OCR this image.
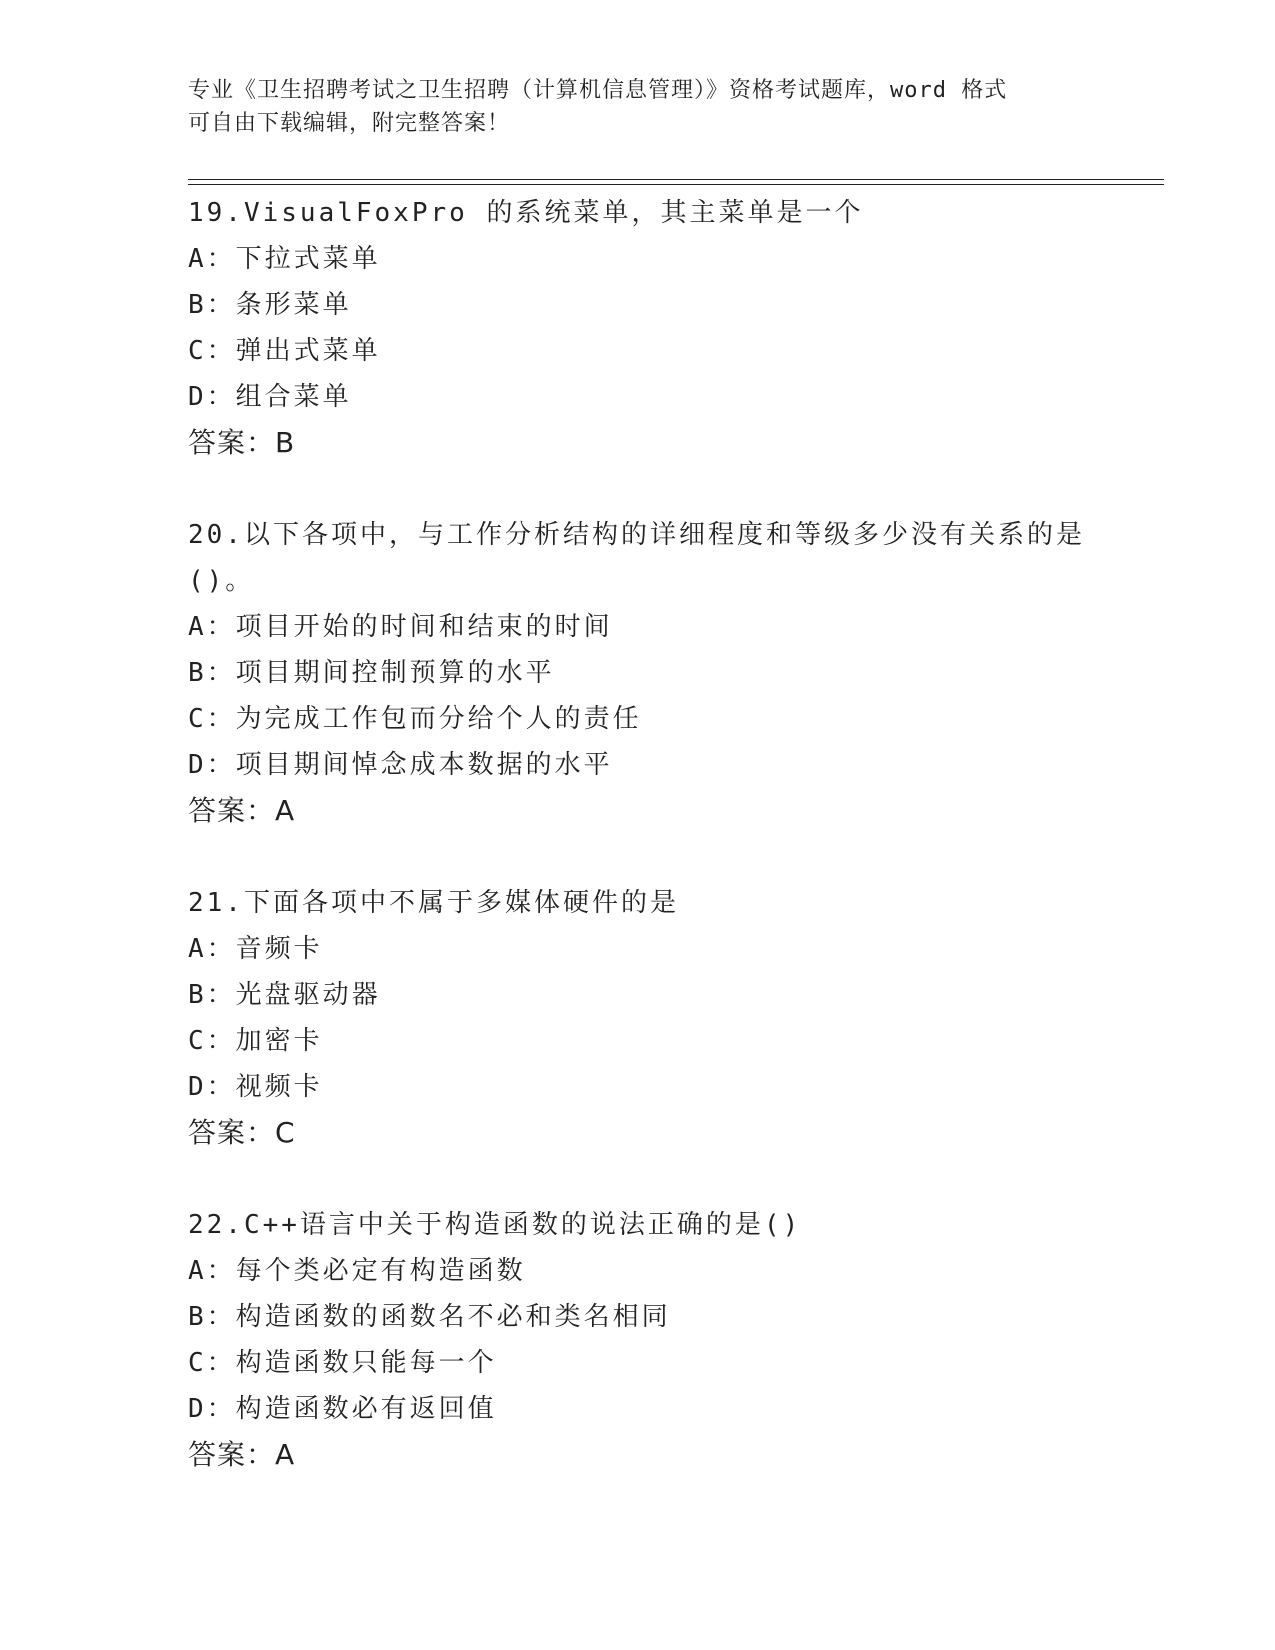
专业《卫生招聘考试之卫生招聘（计算机信息管理）》资格考试题库，word 格式
可自由下载编辑，附完整答案！
19.VisualFoxPro 的系统菜单，其主菜单是一个
A：下拉式菜单
B：条形菜单
C：弹出式菜单
D：组合菜单
答案：B
20.以下各项中，与工作分析结构的详细程度和等级多少没有关系的是()。
A：项目开始的时间和结束的时间
B：项目期间控制预算的水平
C：为完成工作包而分给个人的责任
D：项目期间悼念成本数据的水平
答案：A
21.下面各项中不属于多媒体硬件的是
A：音频卡
B：光盘驱动器
C：加密卡
D：视频卡
答案：C
22.C++语言中关于构造函数的说法正确的是()
A：每个类必定有构造函数
B：构造函数的函数名不必和类名相同
C：构造函数只能每一个
D：构造函数必有返回值
答案：A
